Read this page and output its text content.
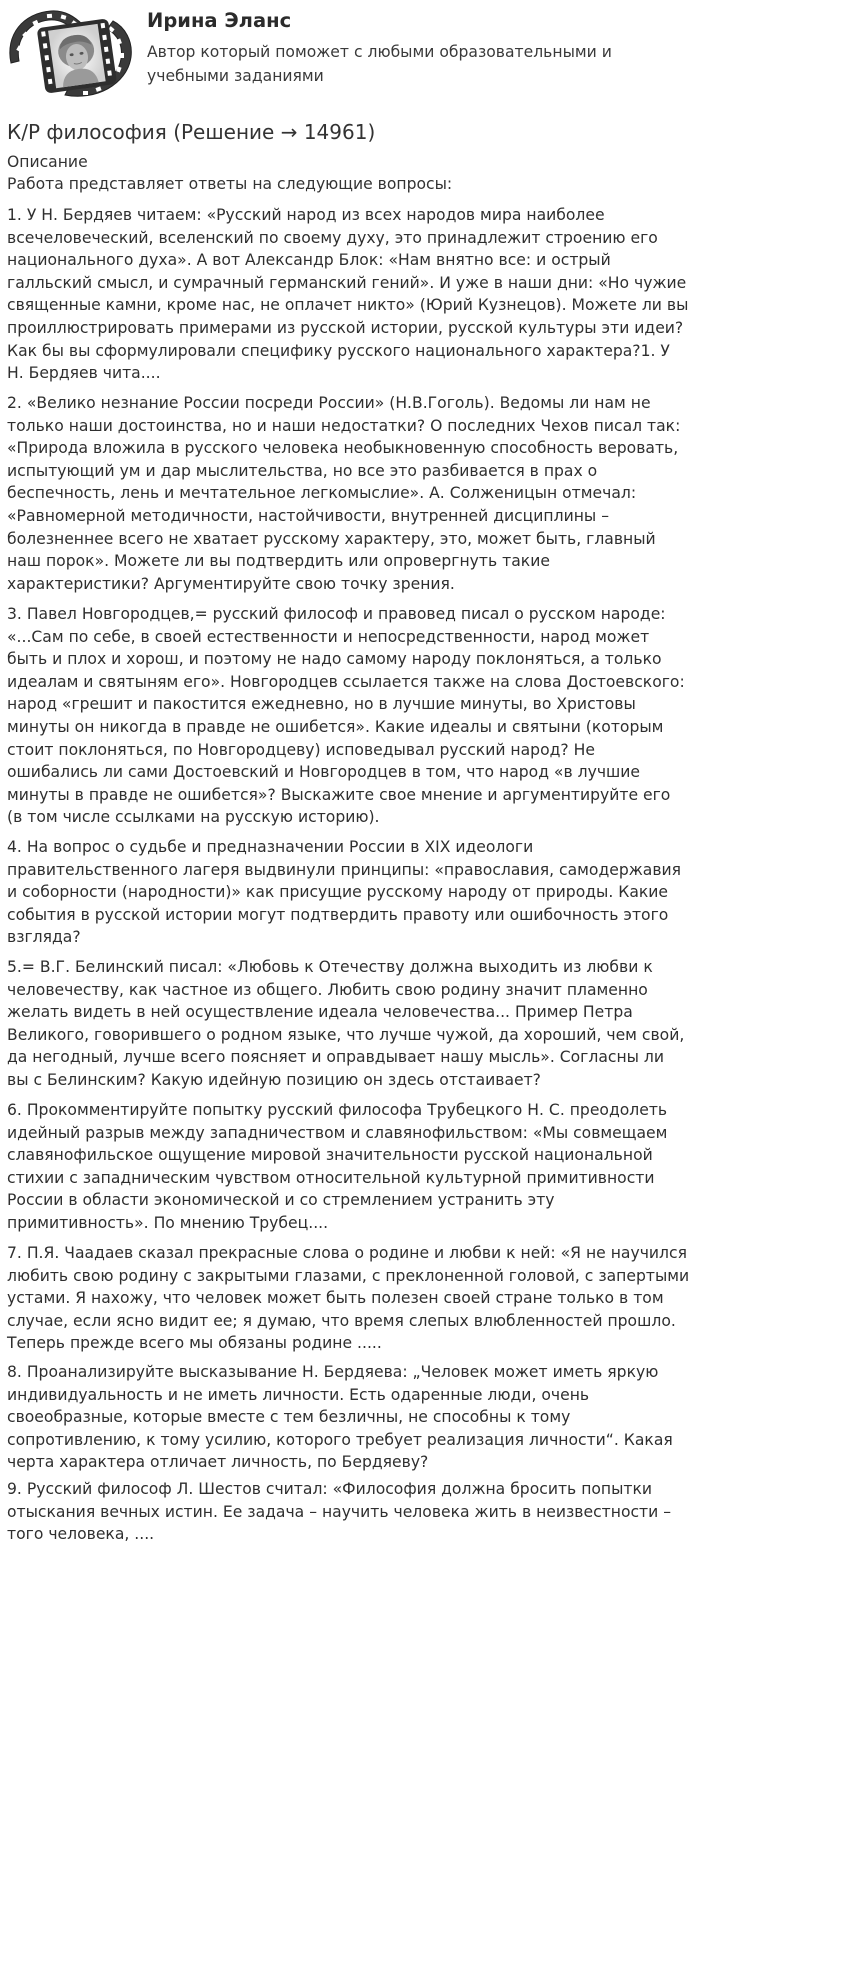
Ирина Эланс
Автор который поможет с любыми образовательными и учебными заданиями
К/Р философия (Решение → 14961)
Описание
Работа представляет ответы на следующие вопросы:

1. У Н. Бердяев читаем: «Русский народ из всех народов мира наиболее
всечеловеческий, вселенский по своему духу, это принадлежит строению его
национального духа». А вот Александр Блок: «Нам внятно все: и острый
галльский смысл, и сумрачный германский гений». И уже в наши дни: «Но чужие
священные камни, кроме нас, не оплачет никто» (Юрий Кузнецов). Можете ли вы
проиллюстрировать примерами из русской истории, русской культуры эти идеи?
Как бы вы сформулировали специфику русского национального характера?1. У
Н. Бердяев чита....

2. «Велико незнание России посреди России» (Н.В.Гоголь). Ведомы ли нам не
только наши достоинства, но и наши недостатки? О последних Чехов писал так:
«Природа вложила в русского человека необыкновенную способность веровать,
испытующий ум и дар мыслительства, но все это разбивается в прах о
беспечность, лень и мечтательное легкомыслие». А. Солженицын отмечал:
«Равномерной методичности, настойчивости, внутренней дисциплины –
болезненнее всего не хватает русскому характеру, это, может быть, главный
наш порок». Можете ли вы подтвердить или опровергнуть такие
характеристики? Аргументируйте свою точку зрения.

3. Павел Новгородцев,= русский философ и правовед писал о русском народе:
«...Сам по себе, в своей естественности и непосредственности, народ может
быть и плох и хорош, и поэтому не надо самому народу поклоняться, а только
идеалам и святыням его». Новгородцев ссылается также на слова Достоевского:
народ «грешит и пакостится ежедневно, но в лучшие минуты, во Христовы
минуты он никогда в правде не ошибется». Какие идеалы и святыни (которым
стоит поклоняться, по Новгородцеву) исповедывал русский народ? Не
ошибались ли сами Достоевский и Новгородцев в том, что народ «в лучшие
минуты в правде не ошибется»? Выскажите свое мнение и аргументируйте его
(в том числе ссылками на русскую историю).

4. На вопрос о судьбе и предназначении России в XIX идеологи
правительственного лагеря выдвинули принципы: «православия, самодержавия
и соборности (народности)» как присущие русскому народу от природы. Какие
события в русской истории могут подтвердить правоту или ошибочность этого
взгляда?

5.= В.Г. Белинский писал: «Любовь к Отечеству должна выходить из любви к
человечеству, как частное из общего. Любить свою родину значит пламенно
желать видеть в ней осуществление идеала человечества... Пример Петра
Великого, говорившего о родном языке, что лучше чужой, да хороший, чем свой,
да негодный, лучше всего поясняет и оправдывает нашу мысль». Согласны ли
вы с Белинским? Какую идейную позицию он здесь отстаивает?

6. Прокомментируйте попытку русский философа Трубецкого Н. С. преодолеть
идейный разрыв между западничеством и славянофильством: «Мы совмещаем
славянофильское ощущение мировой значительности русской национальной
стихии с западническим чувством относительной культурной примитивности
России в области экономической и со стремлением устранить эту
примитивность». По мнению Трубец....

7. П.Я. Чаадаев сказал прекрасные слова о родине и любви к ней: «Я не научился
любить свою родину с закрытыми глазами, с преклоненной головой, с запертыми
устами. Я нахожу, что человек может быть полезен своей стране только в том
случае, если ясно видит ее; я думаю, что время слепых влюбленностей прошло.
Теперь прежде всего мы обязаны родине .....

8. Проанализируйте высказывание Н. Бердяева: „Человек может иметь яркую
индивидуальность и не иметь личности. Есть одаренные люди, очень
своеобразные, которые вместе с тем безличны, не способны к тому
сопротивлению, к тому усилию, которого требует реализация личности“. Какая
черта характера отличает личность, по Бердяеву?

9. Русский философ Л. Шестов считал: «Философия должна бросить попытки
отыскания вечных истин. Ее задача – научить человека жить в неизвестности –
того человека, ....
